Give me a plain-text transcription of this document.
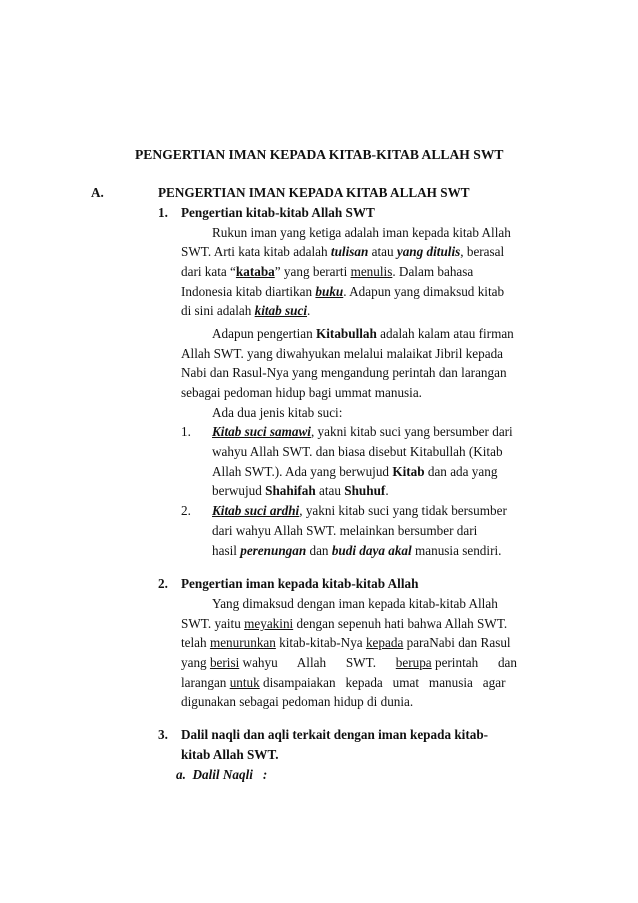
PENGERTIAN IMAN KEPADA KITAB-KITAB ALLAH SWT
A.	PENGERTIAN IMAN KEPADA KITAB ALLAH SWT
1. Pengertian kitab-kitab Allah SWT
Rukun iman yang ketiga adalah iman kepada kitab Allah
SWT. Arti kata kitab adalah tulisan atau yang ditulis, berasal
dari kata “kataba” yang berarti menulis. Dalam bahasa
Indonesia kitab diartikan buku. Adapun yang dimaksud kitab
di sini adalah kitab suci.
Adapun pengertian Kitabullah adalah kalam atau firman
Allah SWT. yang diwahyukan melalui malaikat Jibril kepada
Nabi dan Rasul-Nya yang mengandung perintah dan larangan
sebagai pedoman hidup bagi ummat manusia.
Ada dua jenis kitab suci:
1. Kitab suci samawi, yakni kitab suci yang bersumber dari
wahyu Allah SWT. dan biasa disebut Kitabullah (Kitab
Allah SWT.). Ada yang berwujud Kitab dan ada yang
berwujud Shahifah atau Shuhuf.
2. Kitab suci ardhi, yakni kitab suci yang tidak bersumber
dari wahyu Allah SWT. melainkan bersumber dari
hasil perenungan dan budi daya akal manusia sendiri.
2. Pengertian iman kepada kitab-kitab Allah
Yang dimaksud dengan iman kepada kitab-kitab Allah
SWT. yaitu meyakini dengan sepenuh hati bahwa Allah SWT.
telah menurunkan kitab-kitab-Nya kepada paraNabi dan Rasul
yang berisi wahyu      Allah      SWT.      berupa perintah      dan
larangan untuk disampaiakan   kepada   umat   manusia   agar
digunakan sebagai pedoman hidup di dunia.
3. Dalil naqli dan aqli terkait dengan iman kepada kitab-
kitab Allah SWT.
a.  Dalil Naqli   :
